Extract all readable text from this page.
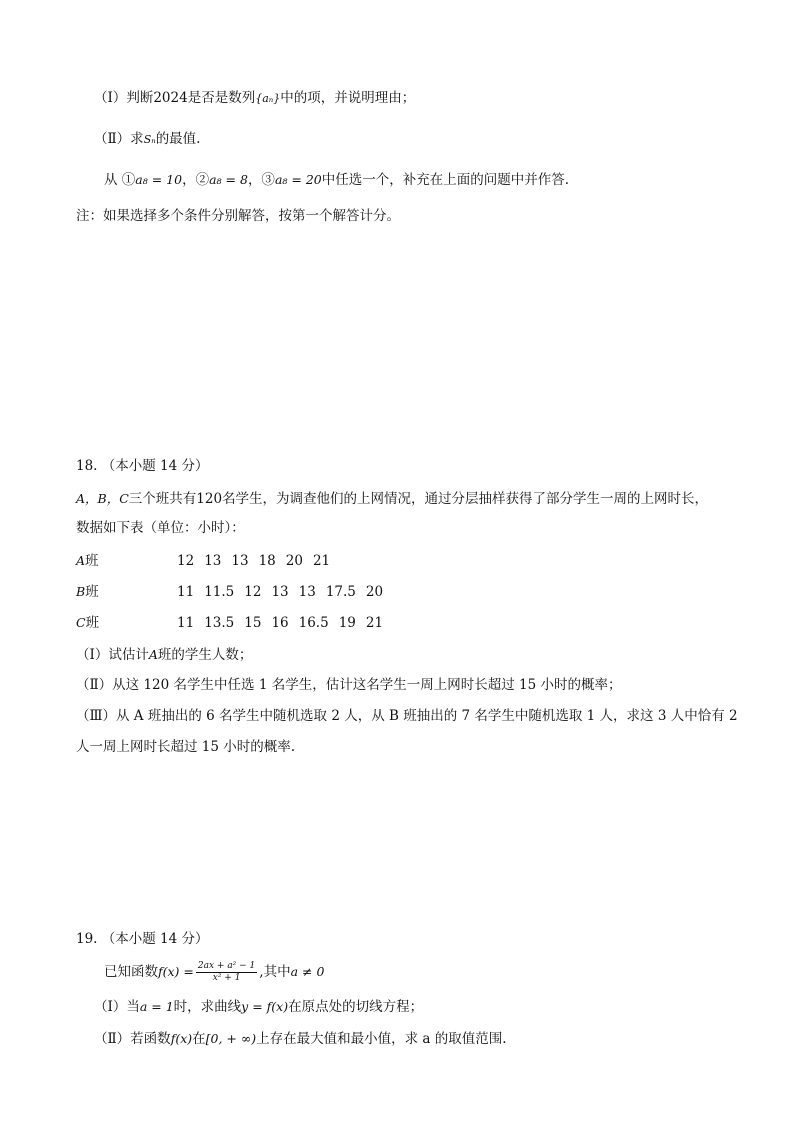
（Ⅰ）判断2024是否是数列{aₙ}中的项，并说明理由；
（Ⅱ）求Sₙ的最值.
从 ①a₈ = 10，②a₈ = 8，③a₈ = 20中任选一个，补充在上面的问题中并作答.
注：如果选择多个条件分别解答，按第一个解答计分。
18. （本小题 14 分）
A，B，C三个班共有120名学生，为调查他们的上网情况，通过分层抽样获得了部分学生一周的上网时长，
数据如下表（单位：小时）：
A班	12 13 13 18 20 21
B班	11 11.5 12 13 13 17.5 20
C班	11 13.5 15 16 16.5 19 21
（Ⅰ）试估计A班的学生人数；
（Ⅱ）从这 120 名学生中任选 1 名学生，估计这名学生一周上网时长超过 15 小时的概率；
（Ⅲ）从 A 班抽出的 6 名学生中随机选取 2 人，从 B 班抽出的 7 名学生中随机选取 1 人，求这 3 人中恰有 2
人一周上网时长超过 15 小时的概率.
19. （本小题 14 分）
已知函数$f(x) = \frac{\text{2ax + a² − 1}}{\text{x² + 1}}$ ,其中a ≠ 0
（Ⅰ）当a = 1时，求曲线y = f(x)在原点处的切线方程；
（Ⅱ）若函数f(x)在[0, + ∞)上存在最大值和最小值，求 a 的取值范围.
